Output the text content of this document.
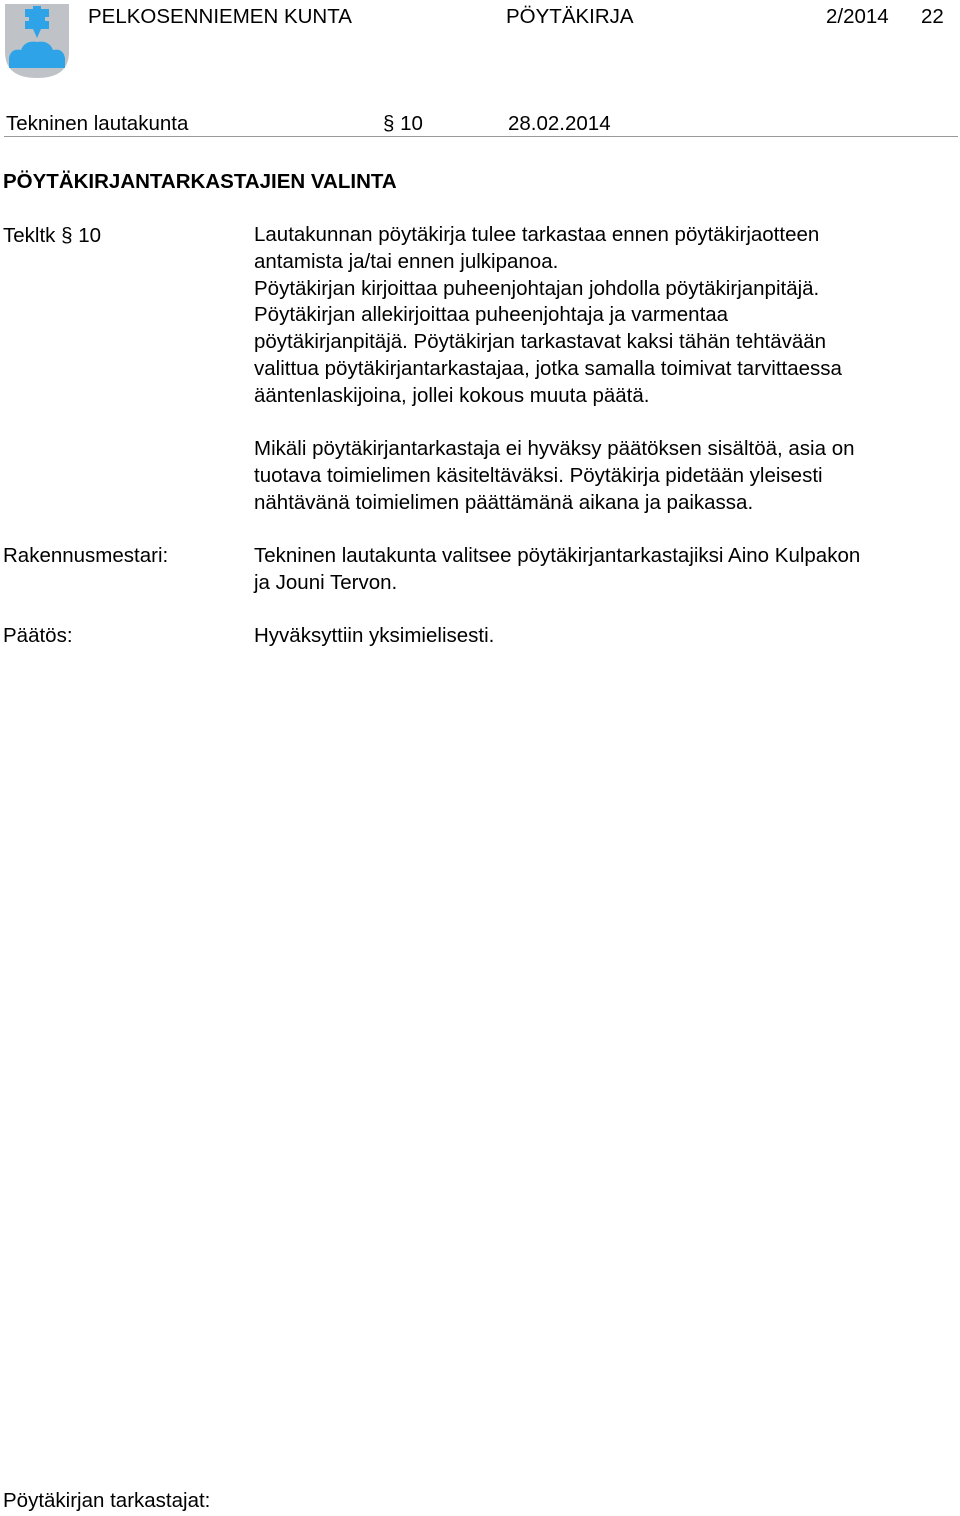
PELKOSENNIEMEN KUNTA	PÖYTÄKIRJA	2/2014 22
Tekninen lautakunta	§ 10	28.02.2014
PÖYTÄKIRJANTARKASTAJIEN VALINTA
Tekltk § 10	Lautakunnan pöytäkirja tulee tarkastaa ennen pöytäkirjaotteen
antamista ja/tai ennen julkipanoa.
Pöytäkirjan kirjoittaa puheenjohtajan johdolla pöytäkirjanpitäjä.
Pöytäkirjan allekirjoittaa puheenjohtaja ja varmentaa
pöytäkirjanpitäjä. Pöytäkirjan tarkastavat kaksi tähän tehtävään
valittua pöytäkirjantarkastajaa, jotka samalla toimivat tarvittaessa
ääntenlaskijoina, jollei kokous muuta päätä.
Mikäli pöytäkirjantarkastaja ei hyväksy päätöksen sisältöä, asia on
tuotava toimielimen käsiteltäväksi. Pöytäkirja pidetään yleisesti
nähtävänä toimielimen päättämänä aikana ja paikassa.
Rakennusmestari:	Tekninen lautakunta valitsee pöytäkirjantarkastajiksi Aino Kulpakon
ja Jouni Tervon.
Päätös:	Hyväksyttiin yksimielisesti.
Pöytäkirjan tarkastajat:
